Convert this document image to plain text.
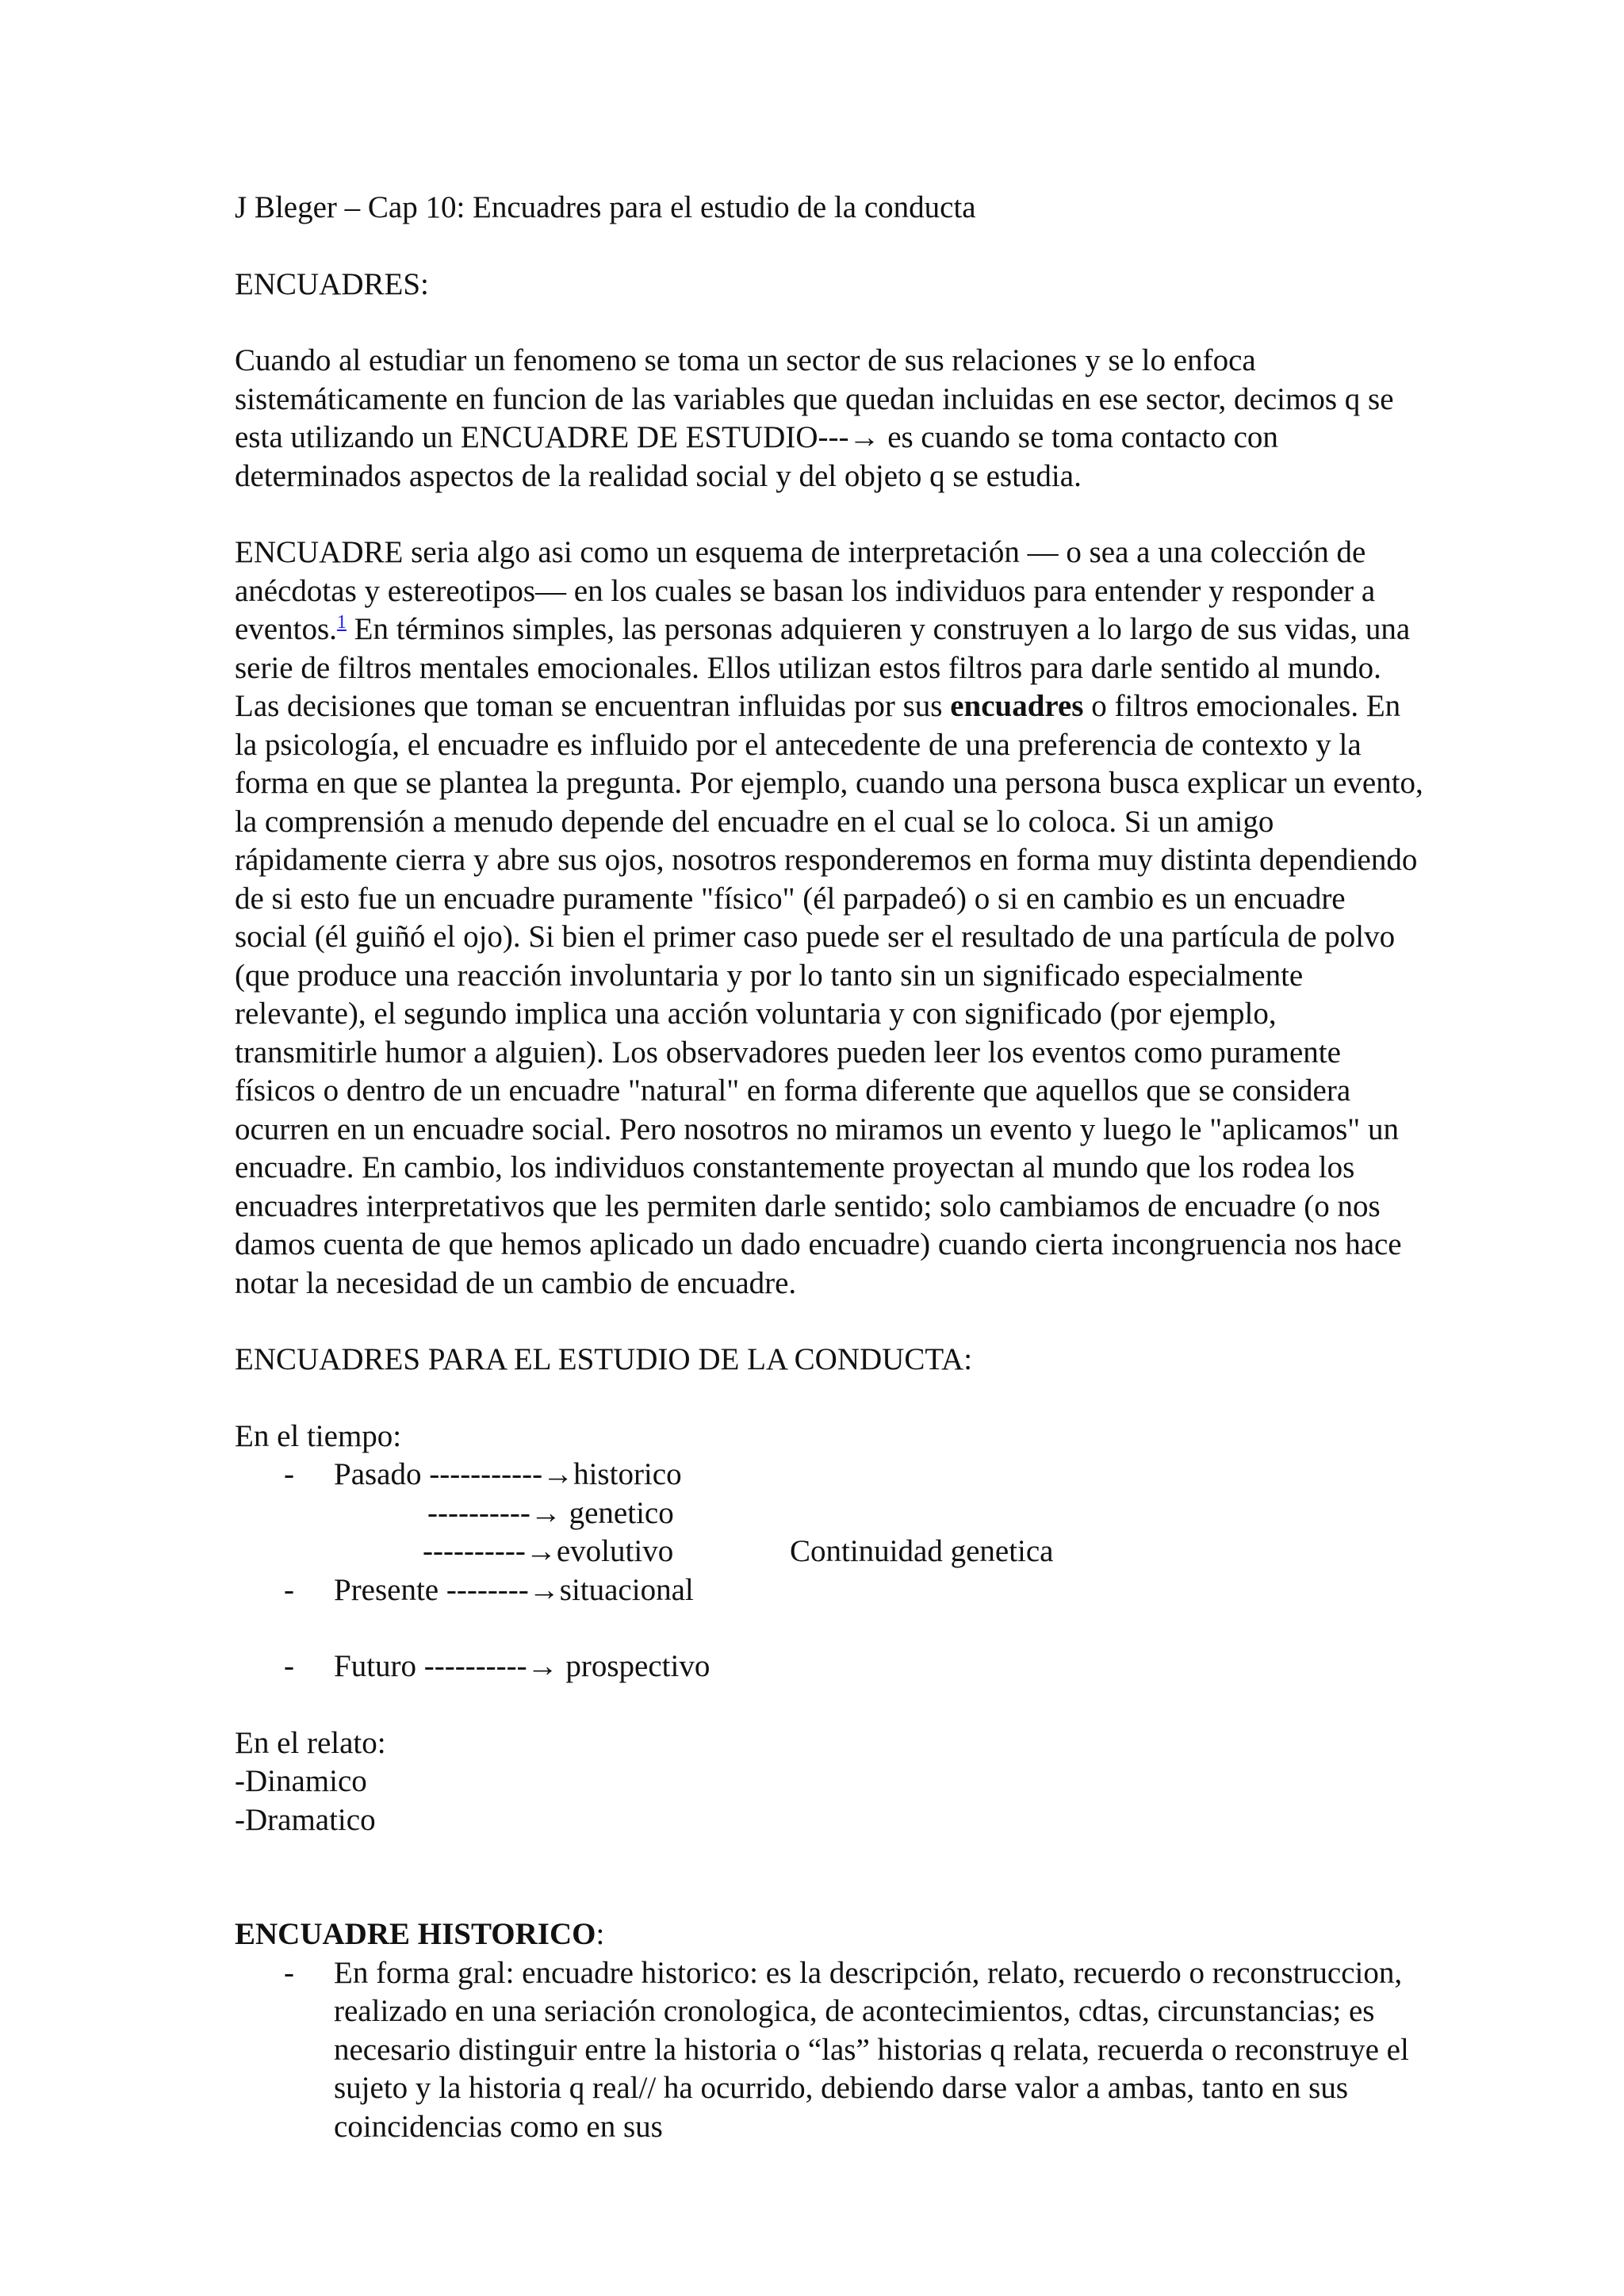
J Bleger – Cap 10: Encuadres para el estudio de la conducta

ENCUADRES:

Cuando al estudiar un fenomeno se toma un sector de sus relaciones y se lo enfoca sistemáticamente en funcion de las variables que quedan incluidas en ese sector, decimos q se esta utilizando un ENCUADRE DE ESTUDIO---→ es cuando se toma contacto con determinados aspectos de la realidad social y del objeto q se estudia.

ENCUADRE seria algo asi como un esquema de interpretación — o sea a una colección de anécdotas y estereotipos— en los cuales se basan los individuos para entender y responder a eventos.$^1$ En términos simples, las personas adquieren y construyen a lo largo de sus vidas, una serie de filtros mentales emocionales. Ellos utilizan estos filtros para darle sentido al mundo. Las decisiones que toman se encuentran influidas por sus encuadres o filtros emocionales. En la psicología, el encuadre es influido por el antecedente de una preferencia de contexto y la forma en que se plantea la pregunta. Por ejemplo, cuando una persona busca explicar un evento, la comprensión a menudo depende del encuadre en el cual se lo coloca. Si un amigo rápidamente cierra y abre sus ojos, nosotros responderemos en forma muy distinta dependiendo de si esto fue un encuadre puramente "físico" (él parpadeó) o si en cambio es un encuadre social (él guiñó el ojo). Si bien el primer caso puede ser el resultado de una partícula de polvo (que produce una reacción involuntaria y por lo tanto sin un significado especialmente relevante), el segundo implica una acción voluntaria y con significado (por ejemplo, transmitirle humor a alguien). Los observadores pueden leer los eventos como puramente físicos o dentro de un encuadre "natural" en forma diferente que aquellos que se considera ocurren en un encuadre social. Pero nosotros no miramos un evento y luego le "aplicamos" un encuadre. En cambio, los individuos constantemente proyectan al mundo que los rodea los encuadres interpretativos que les permiten darle sentido; solo cambiamos de encuadre (o nos damos cuenta de que hemos aplicado un dado encuadre) cuando cierta incongruencia nos hace notar la necesidad de un cambio de encuadre.

ENCUADRES PARA EL ESTUDIO DE LA CONDUCTA:

En el tiempo:

- Pasado -----------→historico
----------→ genetico
----------→evolutivo	Continuidad genetica
- Presente --------→situacional
- Futuro ----------→ prospectivo

En el relato:

-Dinamico

-Dramatico

ENCUADRE HISTORICO:

- En forma gral: encuadre historico: es la descripción, relato, recuerdo o reconstruccion, realizado en una seriación cronologica, de acontecimientos, cdtas, circunstancias; es necesario distinguir entre la historia o “las” historias q relata, recuerda o reconstruye el sujeto y la historia q real// ha ocurrido, debiendo darse valor a ambas, tanto en sus coincidencias como en sus
